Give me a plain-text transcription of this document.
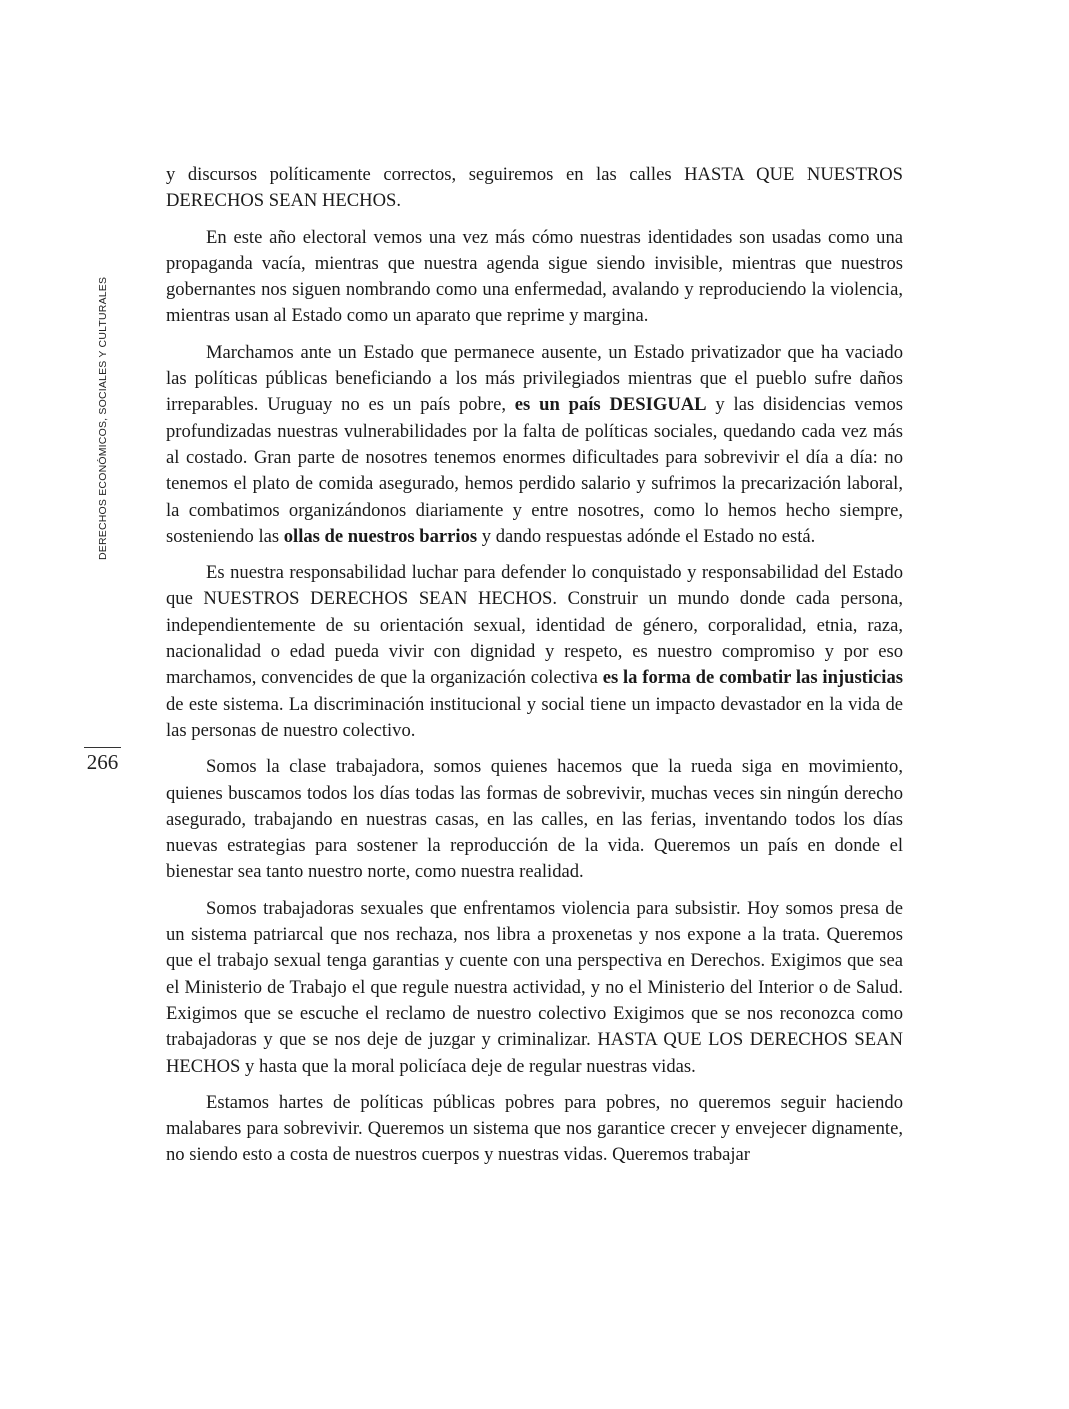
DERECHOS ECONÓMICOS, SOCIALES Y CULTURALES
266

y discursos políticamente correctos, seguiremos en las calles HASTA QUE NUESTROS DERECHOS SEAN HECHOS.

En este año electoral vemos una vez más cómo nuestras identidades son usadas como una propaganda vacía, mientras que nuestra agenda sigue siendo invisible, mientras que nuestros gobernantes nos siguen nombrando como una enfermedad, avalando y reproduciendo la violencia, mientras usan al Estado como un aparato que reprime y margina.

Marchamos ante un Estado que permanece ausente, un Estado privatizador que ha vaciado las políticas públicas beneficiando a los más privilegiados mientras que el pueblo sufre daños irreparables. Uruguay no es un país pobre, es un país DESIGUAL y las disidencias vemos profundizadas nuestras vulnerabilidades por la falta de políticas sociales, quedando cada vez más al costado. Gran parte de nosotres tenemos enormes dificultades para sobrevivir el día a día: no tenemos el plato de comida asegurado, hemos perdido salario y sufrimos la precarización laboral, la combatimos organizándonos diariamente y entre nosotres, como lo hemos hecho siempre, sosteniendo las ollas de nuestros barrios y dando respuestas adónde el Estado no está.

Es nuestra responsabilidad luchar para defender lo conquistado y responsabilidad del Estado que NUESTROS DERECHOS SEAN HECHOS. Construir un mundo donde cada persona, independientemente de su orientación sexual, identidad de género, corporalidad, etnia, raza, nacionalidad o edad pueda vivir con dignidad y respeto, es nuestro compromiso y por eso marchamos, convencides de que la organización colectiva es la forma de combatir las injusticias de este sistema. La discriminación institucional y social tiene un impacto devastador en la vida de las personas de nuestro colectivo.

Somos la clase trabajadora, somos quienes hacemos que la rueda siga en movimiento, quienes buscamos todos los días todas las formas de sobrevivir, muchas veces sin ningún derecho asegurado, trabajando en nuestras casas, en las calles, en las ferias, inventando todos los días nuevas estrategias para sostener la reproducción de la vida. Queremos un país en donde el bienestar sea tanto nuestro norte, como nuestra realidad.

Somos trabajadoras sexuales que enfrentamos violencia para subsistir. Hoy somos presa de un sistema patriarcal que nos rechaza, nos libra a proxenetas y nos expone a la trata. Queremos que el trabajo sexual tenga garantias y cuente con una perspectiva en Derechos. Exigimos que sea el Ministerio de Trabajo el que regule nuestra actividad, y no el Ministerio del Interior o de Salud. Exigimos que se escuche el reclamo de nuestro colectivo Exigimos que se nos reconozca como trabajadoras y que se nos deje de juzgar y criminalizar. HASTA QUE LOS DERECHOS SEAN HECHOS y hasta que la moral policíaca deje de regular nuestras vidas.

Estamos hartes de políticas públicas pobres para pobres, no queremos seguir haciendo malabares para sobrevivir. Queremos un sistema que nos garantice crecer y envejecer dignamente, no siendo esto a costa de nuestros cuerpos y nuestras vidas. Queremos trabajar
